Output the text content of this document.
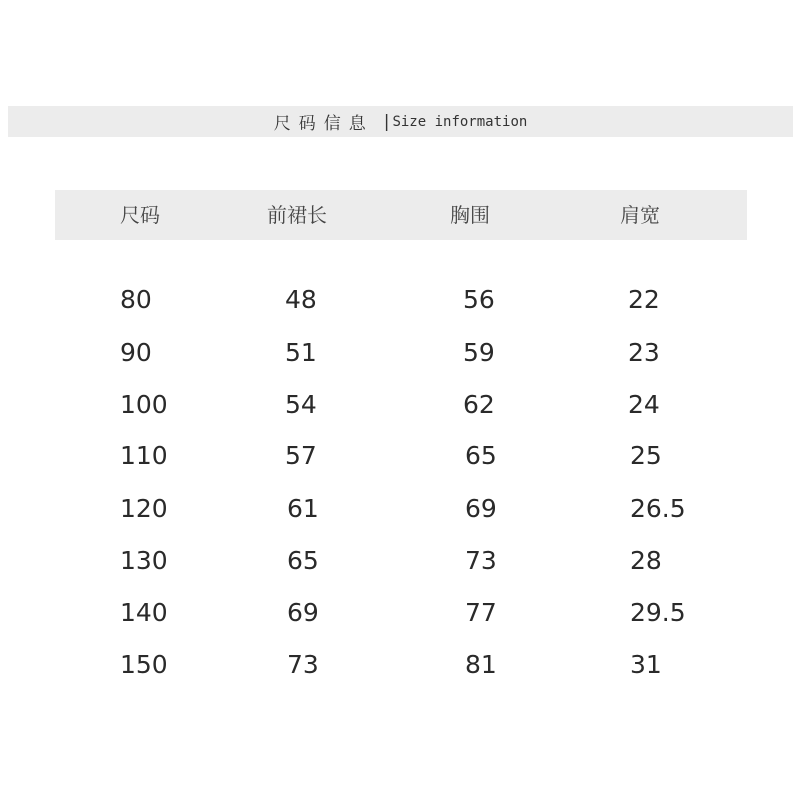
尺码信息 | Size information
尺码	前裙长	胸围	肩宽
80	48	56	22
90	51	59	23
100	54	62	24
110	57	65	25
120	61	69	26.5
130	65	73	28
140	69	77	29.5
150	73	81	31
